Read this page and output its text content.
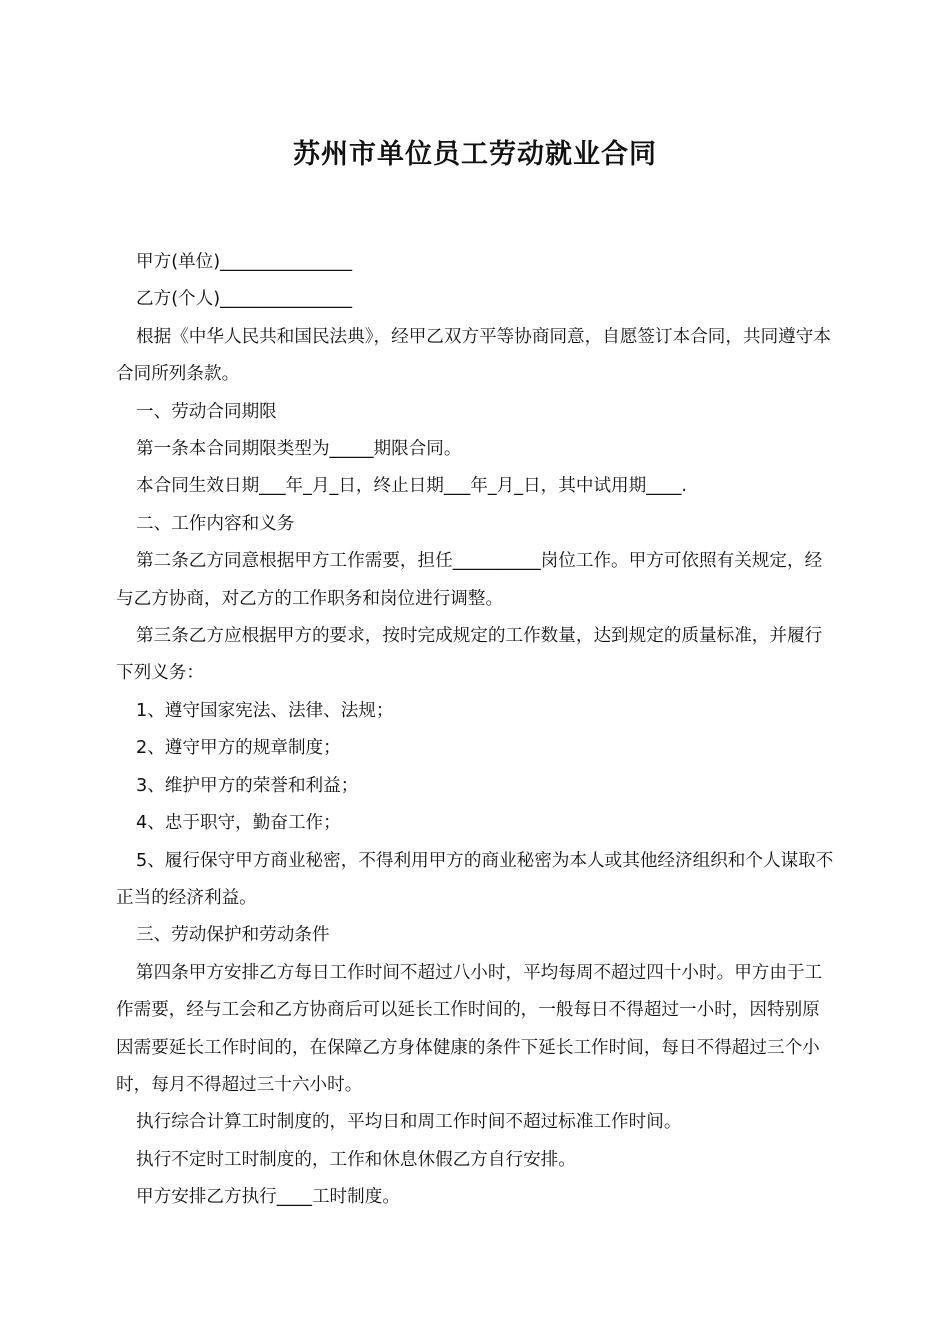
苏州市单位员工劳动就业合同

甲方(单位)_______________

乙方(个人)_______________

根据《中华人民共和国民法典》，经甲乙双方平等协商同意，自愿签订本合同，共同遵守本合同所列条款。

一、劳动合同期限

第一条本合同期限类型为_____期限合同。

本合同生效日期___年_月_日，终止日期___年_月_日，其中试用期____.

二、工作内容和义务

第二条乙方同意根据甲方工作需要，担任__________岗位工作。甲方可依照有关规定，经与乙方协商，对乙方的工作职务和岗位进行调整。

第三条乙方应根据甲方的要求，按时完成规定的工作数量，达到规定的质量标准，并履行下列义务：

1、遵守国家宪法、法律、法规；

2、遵守甲方的规章制度；

3、维护甲方的荣誉和利益；

4、忠于职守，勤奋工作；

5、履行保守甲方商业秘密，不得利用甲方的商业秘密为本人或其他经济组织和个人谋取不正当的经济利益。

三、劳动保护和劳动条件

第四条甲方安排乙方每日工作时间不超过八小时，平均每周不超过四十小时。甲方由于工作需要，经与工会和乙方协商后可以延长工作时间的，一般每日不得超过一小时，因特别原因需要延长工作时间的，在保障乙方身体健康的条件下延长工作时间，每日不得超过三个小时，每月不得超过三十六小时。

执行综合计算工时制度的，平均日和周工作时间不超过标准工作时间。

执行不定时工时制度的，工作和休息休假乙方自行安排。

甲方安排乙方执行____工时制度。
